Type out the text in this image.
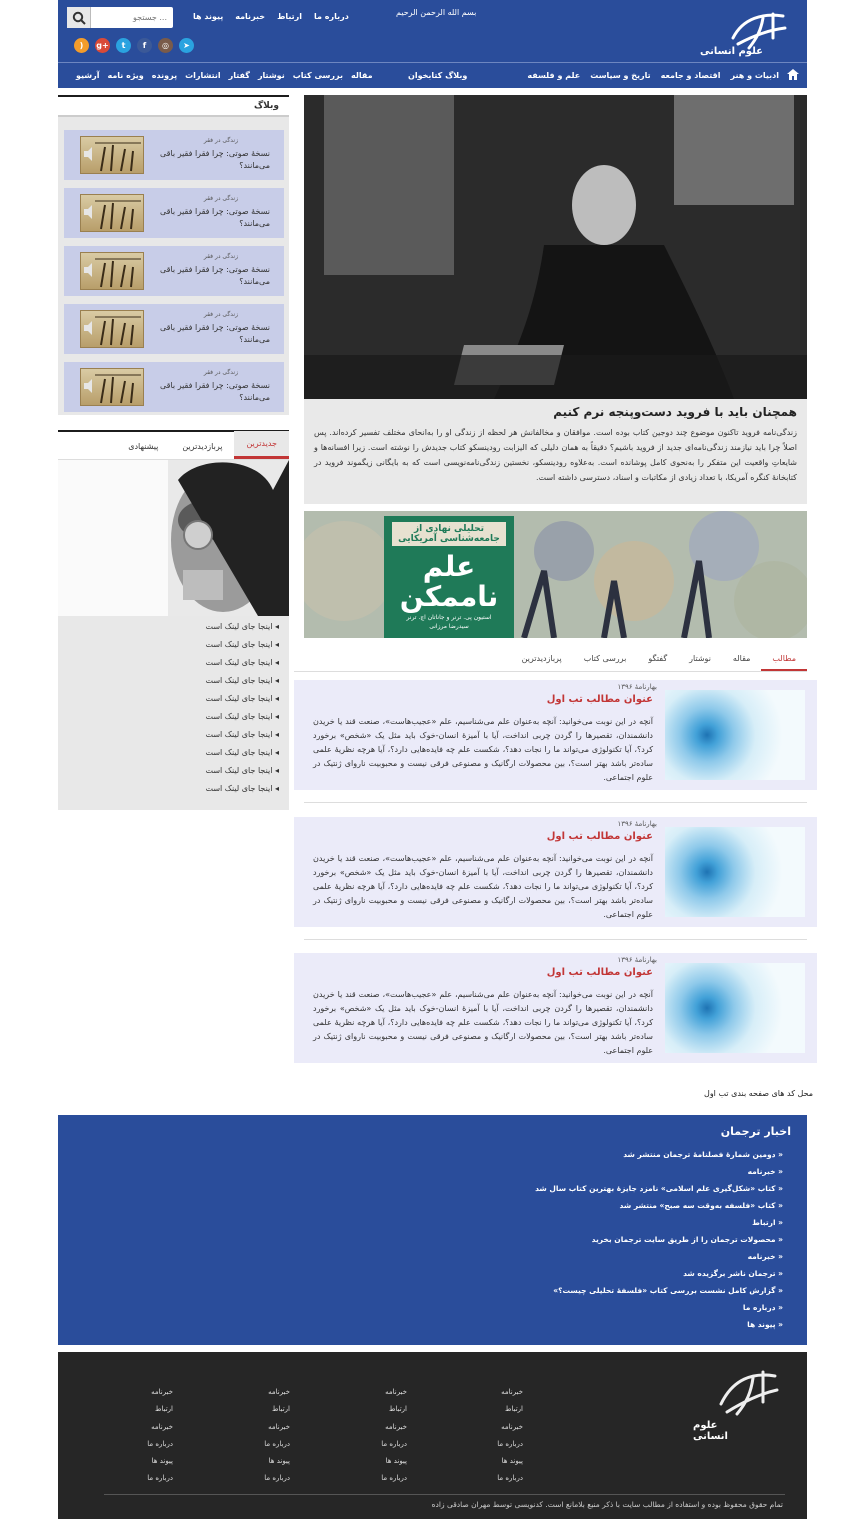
علوم انسانی
بسم الله الرحمن الرحیم
درباره ما
ارتباط
خبرنامه
پیوند ها
جستجو ...
)	g+	t	f	◎	➤
ادبیات و هنر
اقتصاد و جامعه
تاریخ و سیاست
علم و فلسفه
وبلاگ کتابخوان
مقاله
بررسی کتاب
نوشتار
گفتار
انتشارات
پرونده
ویژه نامه
آرشیو
همچنان باید با فروید دست‌وپنجه نرم کنیم

زندگی‌نامه فروید تاکنون موضوع چند دوجین کتاب بوده است. موافقان و مخالفانش هر لحظه از زندگی او را به‌انحای مختلف تفسیر کرده‌اند. پس اصلاً چرا باید نیازمند زندگی‌نامه‌ای جدید از فروید باشیم؟ دقیقاً به همان دلیلی که الیزابت رودینسکو کتاب جدیدش را نوشته است. زیرا افسانه‌ها و شایعاتِ واقعیت این متفکر را به‌نحوی کامل پوشانده است. به‌علاوه رودینسکو، نخستین زندگی‌نامه‌نویسی است که به بایگانی زیگموند فروید در کتابخانهٔ کنگره آمریکا، با تعداد زیادی از مکاتبات و اسناد، دسترسی داشته است.

تحلیلی نهادی از جامعه‌شناسی آمریکایی
علم
ناممکن
استیون پی. ترنر و جاناتان اچ. ترنر
سیدرضا مرزانی
مطالب
مقاله
نوشتار
گفتگو
بررسی کتاب
پربازدیدترین
بهارنامهٔ ۱۳۹۶
عنوان مطالب تب اول

آنچه در این نوبت می‌خوانید: آنچه به‌عنوان علم می‌شناسیم، علم «عجیب‌هاست»، صنعت قند یا خریدن دانشمندان، تقصیرها را گردن چربی انداخت، آیا با آمیزهٔ انسان-خوک باید مثل یک «شخص» برخورد کرد؟، آیا تکنولوژی می‌تواند ما را نجات دهد؟، شکست علم چه فایده‌هایی دارد؟، آیا هرچه نظریهٔ علمی ساده‌تر باشد بهتر است؟، بین محصولات ارگانیک و مصنوعی فرقی نیست و محبوبیت ناروای ژنتیک در علوم اجتماعی.

بهارنامهٔ ۱۳۹۶
عنوان مطالب تب اول

آنچه در این نوبت می‌خوانید: آنچه به‌عنوان علم می‌شناسیم، علم «عجیب‌هاست»، صنعت قند یا خریدن دانشمندان، تقصیرها را گردن چربی انداخت، آیا با آمیزهٔ انسان-خوک باید مثل یک «شخص» برخورد کرد؟، آیا تکنولوژی می‌تواند ما را نجات دهد؟، شکست علم چه فایده‌هایی دارد؟، آیا هرچه نظریهٔ علمی ساده‌تر باشد بهتر است؟، بین محصولات ارگانیک و مصنوعی فرقی نیست و محبوبیت ناروای ژنتیک در علوم اجتماعی.

بهارنامهٔ ۱۳۹۶
عنوان مطالب تب اول

آنچه در این نوبت می‌خوانید: آنچه به‌عنوان علم می‌شناسیم، علم «عجیب‌هاست»، صنعت قند یا خریدن دانشمندان، تقصیرها را گردن چربی انداخت، آیا با آمیزهٔ انسان-خوک باید مثل یک «شخص» برخورد کرد؟، آیا تکنولوژی می‌تواند ما را نجات دهد؟، شکست علم چه فایده‌هایی دارد؟، آیا هرچه نظریهٔ علمی ساده‌تر باشد بهتر است؟، بین محصولات ارگانیک و مصنوعی فرقی نیست و محبوبیت ناروای ژنتیک در علوم اجتماعی.

محل کد های صفحه بندی تب اول
وبلاگ
زندگی در فقر
نسخهٔ صوتی: چرا فقرا فقیر باقی می‌مانند؟
زندگی در فقر
نسخهٔ صوتی: چرا فقرا فقیر باقی می‌مانند؟
زندگی در فقر
نسخهٔ صوتی: چرا فقرا فقیر باقی می‌مانند؟
زندگی در فقر
نسخهٔ صوتی: چرا فقرا فقیر باقی می‌مانند؟
زندگی در فقر
نسخهٔ صوتی: چرا فقرا فقیر باقی می‌مانند؟
جدیدترین
پربازدیدترین
پیشنهادی
◂ اینجا جای لینک است
◂ اینجا جای لینک است
◂ اینجا جای لینک است
◂ اینجا جای لینک است
◂ اینجا جای لینک است
◂ اینجا جای لینک است
◂ اینجا جای لینک است
◂ اینجا جای لینک است
◂ اینجا جای لینک است
◂ اینجا جای لینک است
اخبار ترجمان
« دومین شمارهٔ فصلنامهٔ ترجمان منتشر شد
« خبرنامه
« کتاب «شکل‌گیری علم اسلامی» نامزد جایزهٔ بهترین کتاب سال شد
« کتاب «فلسفه به‌وقت سه صبح» منتشر شد
« ارتباط
« محصولات ترجمان را از طریق سایت ترجمان بخرید
« خبرنامه
« ترجمان ناشر برگزیده شد
« گزارش کامل نشست بررسی کتاب «فلسفهٔ تحلیلی چیست؟»
« درباره ما
« پیوند ها
علوم انسانی
خبرنامه
ارتباط
خبرنامه
درباره ما
پیوند ها
درباره ما
خبرنامه
ارتباط
خبرنامه
درباره ما
پیوند ها
درباره ما
خبرنامه
ارتباط
خبرنامه
درباره ما
پیوند ها
درباره ما
خبرنامه
ارتباط
خبرنامه
درباره ما
پیوند ها
درباره ما
تمام حقوق محفوظ بوده و استفاده از مطالب سایت با ذکر منبع بلامانع است. کدنویسی توسط مهران صادقی زاده
